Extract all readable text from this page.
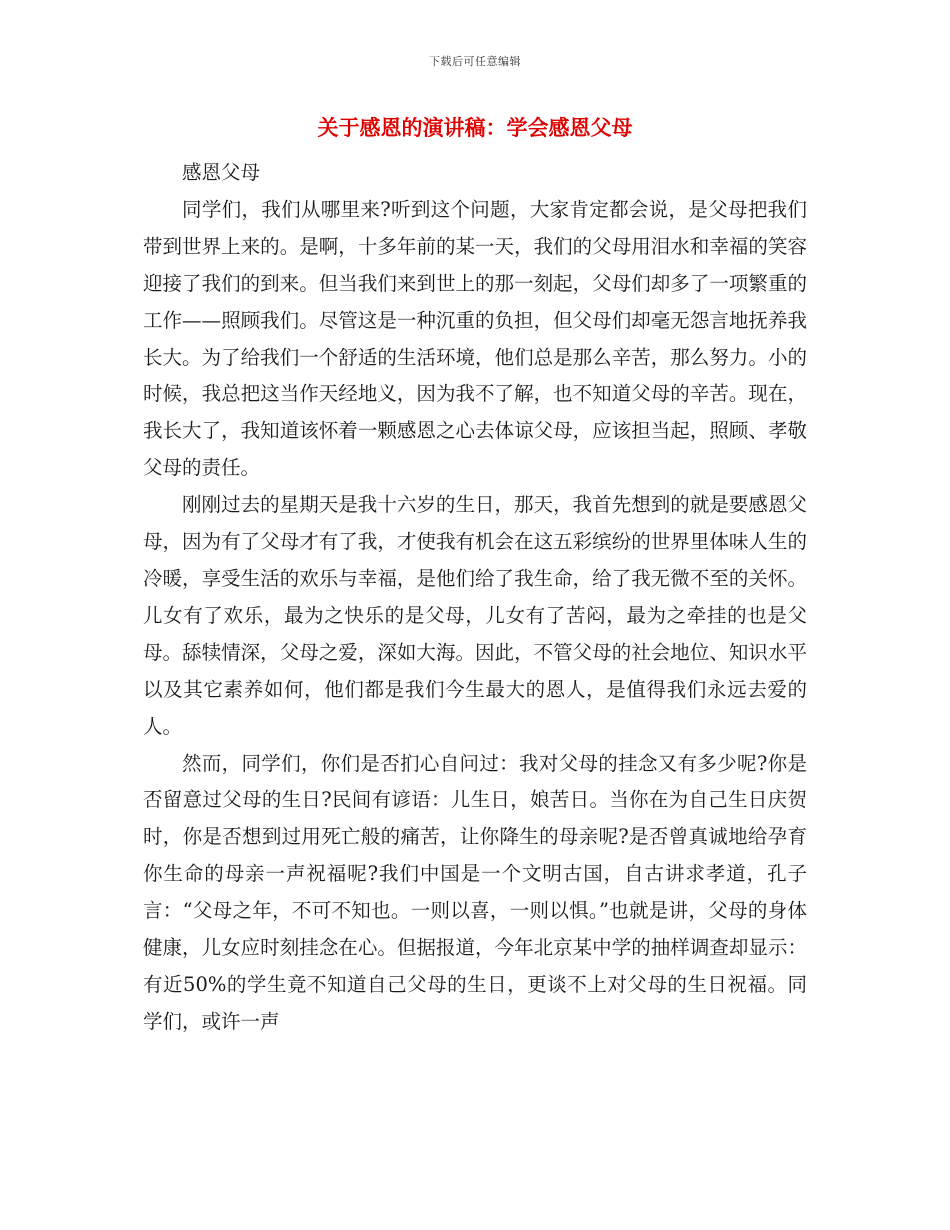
下载后可任意编辑
关于感恩的演讲稿：学会感恩父母

感恩父母

同学们，我们从哪里来?听到这个问题，大家肯定都会说，是父母把我们带到世界上来的。是啊，十多年前的某一天，我们的父母用泪水和幸福的笑容迎接了我们的到来。但当我们来到世上的那一刻起，父母们却多了一项繁重的工作——照顾我们。尽管这是一种沉重的负担，但父母们却毫无怨言地抚养我长大。为了给我们一个舒适的生活环境，他们总是那么辛苦，那么努力。小的时候，我总把这当作天经地义，因为我不了解，也不知道父母的辛苦。现在，我长大了，我知道该怀着一颗感恩之心去体谅父母，应该担当起，照顾、孝敬父母的责任。

刚刚过去的星期天是我十六岁的生日，那天，我首先想到的就是要感恩父母，因为有了父母才有了我，才使我有机会在这五彩缤纷的世界里体味人生的冷暖，享受生活的欢乐与幸福，是他们给了我生命，给了我无微不至的关怀。儿女有了欢乐，最为之快乐的是父母，儿女有了苦闷，最为之牵挂的也是父母。舔犊情深，父母之爱，深如大海。因此，不管父母的社会地位、知识水平以及其它素养如何，他们都是我们今生最大的恩人，是值得我们永远去爱的人。

然而，同学们，你们是否扪心自问过：我对父母的挂念又有多少呢?你是否留意过父母的生日?民间有谚语：儿生日，娘苦日。当你在为自己生日庆贺时，你是否想到过用死亡般的痛苦，让你降生的母亲呢?是否曾真诚地给孕育你生命的母亲一声祝福呢?我们中国是一个文明古国，自古讲求孝道，孔子言：“父母之年，不可不知也。一则以喜，一则以惧。”也就是讲，父母的身体健康，儿女应时刻挂念在心。但据报道，今年北京某中学的抽样调查却显示：有近50%的学生竟不知道自己父母的生日，更谈不上对父母的生日祝福。同学们，或许一声
